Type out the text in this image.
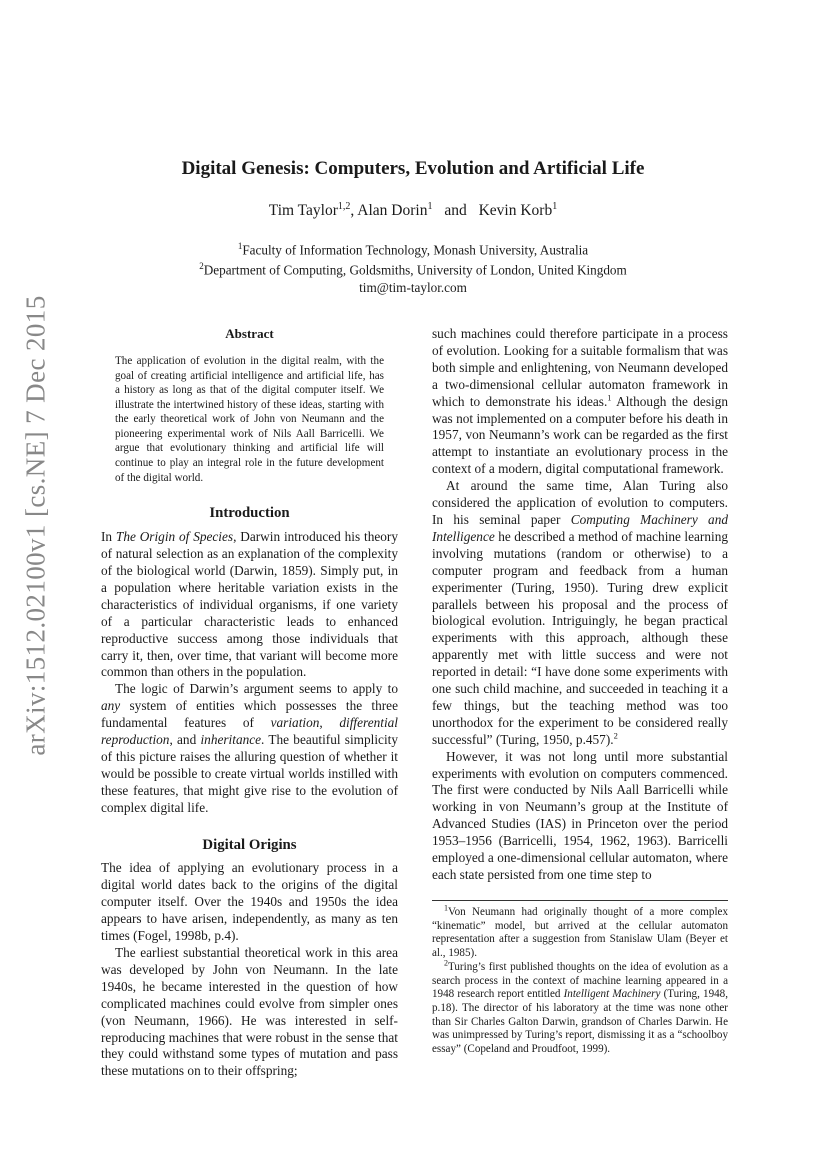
arXiv:1512.02100v1 [cs.NE] 7 Dec 2015
Digital Genesis: Computers, Evolution and Artificial Life
Tim Taylor$^{1,2}$, Alan Dorin$^1$ and Kevin Korb$^1$
$^1$Faculty of Information Technology, Monash University, Australia
$^2$Department of Computing, Goldsmiths, University of London, United Kingdom
tim@tim-taylor.com
Abstract

The application of evolution in the digital realm, with the goal of creating artificial intelligence and artificial life, has a history as long as that of the digital computer itself. We illustrate the intertwined history of these ideas, starting with the early theoretical work of John von Neumann and the pioneering experimental work of Nils Aall Barricelli. We argue that evolutionary thinking and artificial life will continue to play an integral role in the future development of the digital world.

Introduction

In The Origin of Species, Darwin introduced his theory of natural selection as an explanation of the complexity of the biological world (Darwin, 1859). Simply put, in a population where heritable variation exists in the characteristics of individual organisms, if one variety of a particular characteristic leads to enhanced reproductive success among those individuals that carry it, then, over time, that variant will become more common than others in the population.

The logic of Darwin’s argument seems to apply to any system of entities which possesses the three fundamental features of variation, differential reproduction, and inheritance. The beautiful simplicity of this picture raises the alluring question of whether it would be possible to create virtual worlds instilled with these features, that might give rise to the evolution of complex digital life.

Digital Origins

The idea of applying an evolutionary process in a digital world dates back to the origins of the digital computer itself. Over the 1940s and 1950s the idea appears to have arisen, independently, as many as ten times (Fogel, 1998b, p.4).

The earliest substantial theoretical work in this area was developed by John von Neumann. In the late 1940s, he became interested in the question of how complicated machines could evolve from simpler ones (von Neumann, 1966). He was interested in self-reproducing machines that were robust in the sense that they could withstand some types of mutation and pass these mutations on to their offspring;

such machines could therefore participate in a process of evolution. Looking for a suitable formalism that was both simple and enlightening, von Neumann developed a two-dimensional cellular automaton framework in which to demonstrate his ideas.$^1$ Although the design was not implemented on a computer before his death in 1957, von Neumann’s work can be regarded as the first attempt to instantiate an evolutionary process in the context of a modern, digital computational framework.

At around the same time, Alan Turing also considered the application of evolution to computers. In his seminal paper Computing Machinery and Intelligence he described a method of machine learning involving mutations (random or otherwise) to a computer program and feedback from a human experimenter (Turing, 1950). Turing drew explicit parallels between his proposal and the process of biological evolution. Intriguingly, he began practical experiments with this approach, although these apparently met with little success and were not reported in detail: “I have done some experiments with one such child machine, and succeeded in teaching it a few things, but the teaching method was too unorthodox for the experiment to be considered really successful” (Turing, 1950, p.457).$^2$

However, it was not long until more substantial experiments with evolution on computers commenced. The first were conducted by Nils Aall Barricelli while working in von Neumann’s group at the Institute of Advanced Studies (IAS) in Princeton over the period 1953–1956 (Barricelli, 1954, 1962, 1963). Barricelli employed a one-dimensional cellular automaton, where each state persisted from one time step to

$^1$Von Neumann had originally thought of a more complex “kinematic” model, but arrived at the cellular automaton representation after a suggestion from Stanislaw Ulam (Beyer et al., 1985).

$^2$Turing’s first published thoughts on the idea of evolution as a search process in the context of machine learning appeared in a 1948 research report entitled Intelligent Machinery (Turing, 1948, p.18). The director of his laboratory at the time was none other than Sir Charles Galton Darwin, grandson of Charles Darwin. He was unimpressed by Turing’s report, dismissing it as a “schoolboy essay” (Copeland and Proudfoot, 1999).
